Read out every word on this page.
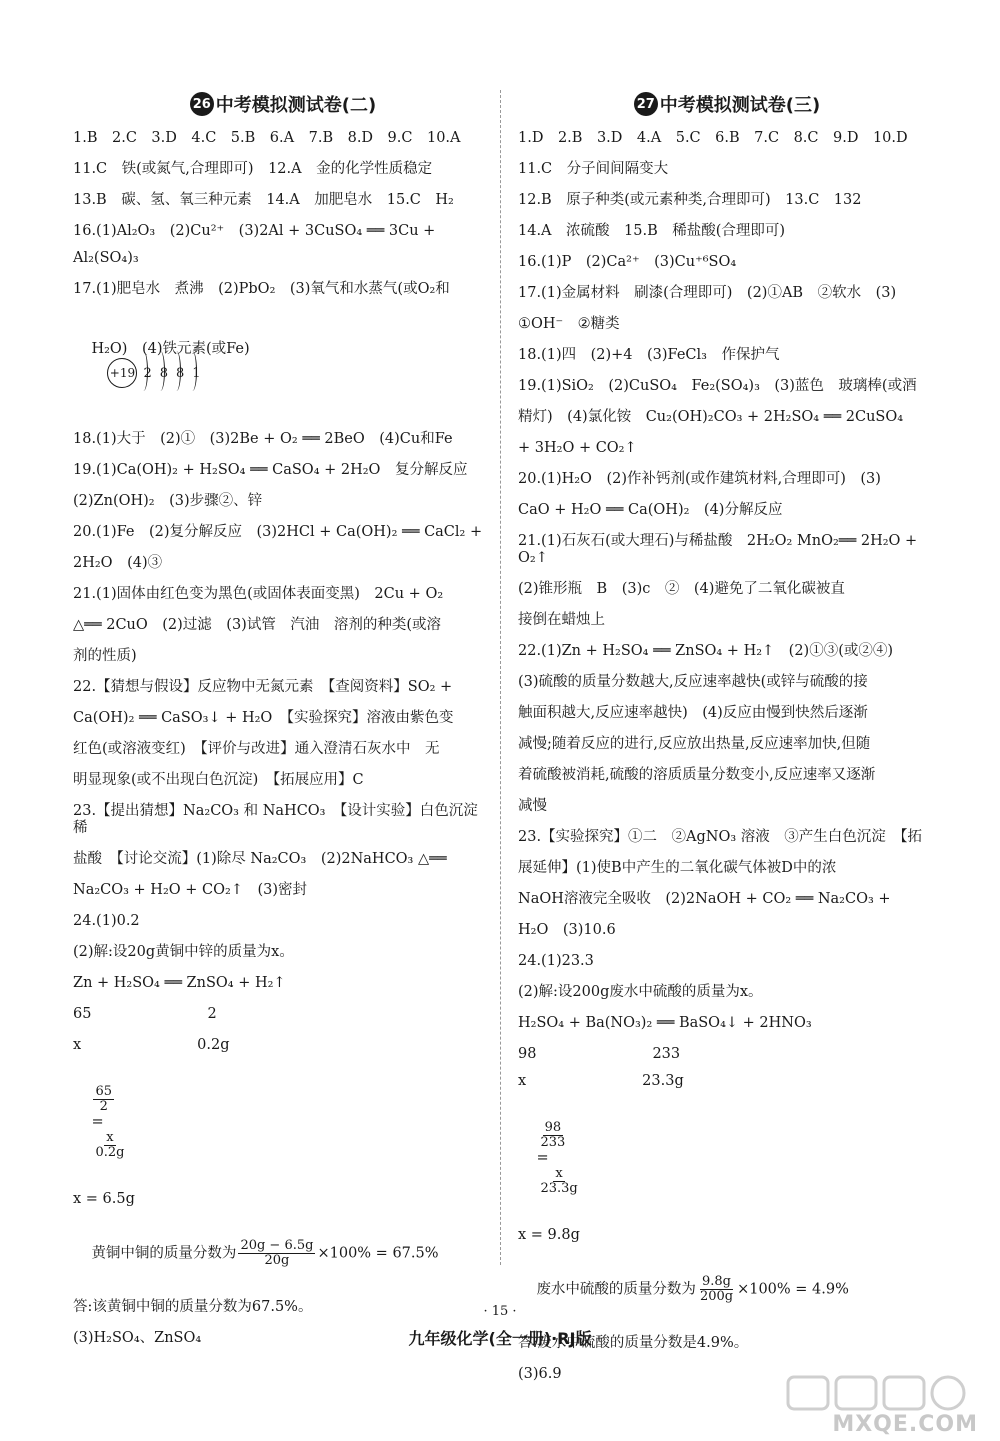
26 中考模拟测试卷(二)
1.B　2.C　3.D　4.C　5.B　6.A　7.B　8.D　9.C　10.A
11.C　铁(或氮气,合理即可)　12.A　金的化学性质稳定
13.B　碳、氢、氧三种元素　14.A　加肥皂水　15.C　H₂
16.(1)Al₂O₃　(2)Cu²⁺　(3)2Al + 3CuSO₄ ══ 3Cu +
Al₂(SO₄)₃
17.(1)肥皂水　煮沸　(2)PbO₂　(3)氧气和水蒸气(或O₂和

H₂O)　(4)铁元素(或Fe)

+19 2 8 8 1

18.(1)大于　(2)①　(3)2Be + O₂ ══ 2BeO　(4)Cu和Fe
19.(1)Ca(OH)₂ + H₂SO₄ ══ CaSO₄ + 2H₂O　复分解反应
(2)Zn(OH)₂　(3)步骤②、锌
20.(1)Fe　(2)复分解反应　(3)2HCl + Ca(OH)₂ ══ CaCl₂ +
2H₂O　(4)③
21.(1)固体由红色变为黑色(或固体表面变黑)　2Cu + O₂
△══ 2CuO　(2)过滤　(3)试管　汽油　溶剂的种类(或溶
剂的性质)
22.【猜想与假设】反应物中无氮元素　【查阅资料】SO₂ +
Ca(OH)₂ ══ CaSO₃↓ + H₂O　【实验探究】溶液由紫色变
红色(或溶液变红)　【评价与改进】通入澄清石灰水中　无
明显现象(或不出现白色沉淀)　【拓展应用】C
23.【提出猜想】Na₂CO₃ 和 NaHCO₃　【设计实验】白色沉淀　稀
盐酸　【讨论交流】(1)除尽 Na₂CO₃　(2)2NaHCO₃ △══
Na₂CO₃ + H₂O + CO₂↑　(3)密封
24.(1)0.2
(2)解:设20g黄铜中锌的质量为x。
Zn + H₂SO₄ ══ ZnSO₄ + H₂↑
65　　　　　　　　2
x　　　　　　　　0.2g

$\frac{65}{2}$

=

$\frac{x}{0.2g}$

x = 6.5g

黄铜中铜的质量分数为 $\frac{20g - 6.5g}{20g} \times 100\% = 67.5\%$

答:该黄铜中铜的质量分数为67.5%。
(3)H₂SO₄、ZnSO₄
27 中考模拟测试卷(三)
1.D　2.B　3.D　4.A　5.C　6.B　7.C　8.C　9.D　10.D
11.C　分子间间隔变大
12.B　原子种类(或元素种类,合理即可)　13.C　132
14.A　浓硫酸　15.B　稀盐酸(合理即可)
16.(1)P　(2)Ca²⁺　(3)Cu⁺⁶SO₄
17.(1)金属材料　刷漆(合理即可)　(2)①AB　②软水　(3)
①OH⁻　②糖类
18.(1)四　(2)+4　(3)FeCl₃　作保护气
19.(1)SiO₂　(2)CuSO₄　Fe₂(SO₄)₃　(3)蓝色　玻璃棒(或酒
精灯)　(4)氯化铵　Cu₂(OH)₂CO₃ + 2H₂SO₄ ══ 2CuSO₄
+ 3H₂O + CO₂↑
20.(1)H₂O　(2)作补钙剂(或作建筑材料,合理即可)　(3)
CaO + H₂O ══ Ca(OH)₂　(4)分解反应
21.(1)石灰石(或大理石)与稀盐酸　2H₂O₂ MnO₂══ 2H₂O + O₂↑
(2)锥形瓶　B　(3)c　②　(4)避免了二氧化碳被直
接倒在蜡烛上
22.(1)Zn + H₂SO₄ ══ ZnSO₄ + H₂↑　(2)①③(或②④)
(3)硫酸的质量分数越大,反应速率越快(或锌与硫酸的接
触面积越大,反应速率越快)　(4)反应由慢到快然后逐渐
减慢;随着反应的进行,反应放出热量,反应速率加快,但随
着硫酸被消耗,硫酸的溶质质量分数变小,反应速率又逐渐
减慢
23.【实验探究】①二　②AgNO₃ 溶液　③产生白色沉淀　【拓
展延伸】(1)使B中产生的二氧化碳气体被D中的浓
NaOH溶液完全吸收　(2)2NaOH + CO₂ ══ Na₂CO₃ +
H₂O　(3)10.6
24.(1)23.3
(2)解:设200g废水中硫酸的质量为x。
H₂SO₄ + Ba(NO₃)₂ ══ BaSO₄↓ + 2HNO₃
98　　　　　　　　233
x　　　　　　　　23.3g

$\frac{98}{233}$

=

$\frac{x}{23.3g}$

x = 9.8g

废水中硫酸的质量分数为 $\frac{9.8g}{200g} \times 100\% = 4.9\%$

答:废水中硫酸的质量分数是4.9%。
(3)6.9
· 15 ·
九年级化学(全一册)·RJ版
MXQE.COM
